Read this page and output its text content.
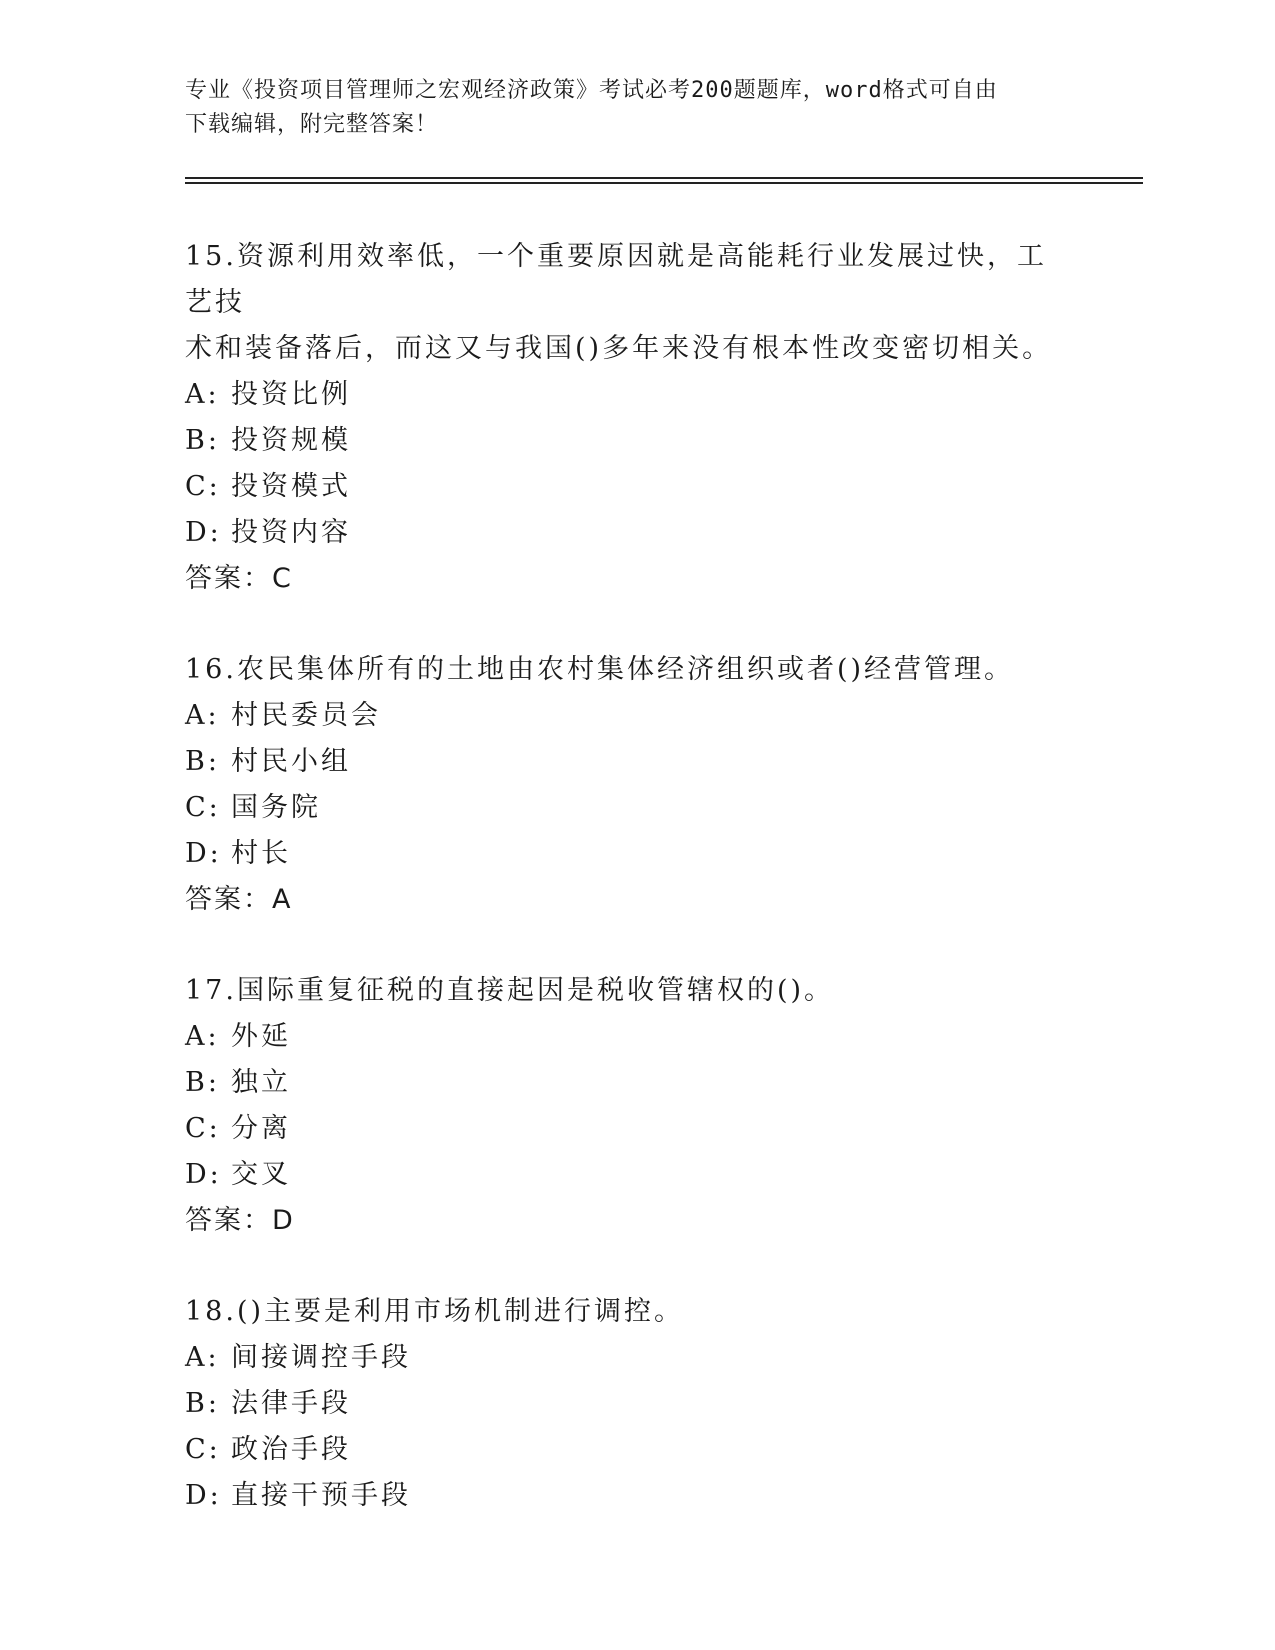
专业《投资项目管理师之宏观经济政策》考试必考200题题库，word格式可自由
下载编辑，附完整答案！
15.资源利用效率低，一个重要原因就是高能耗行业发展过快，工艺技
术和装备落后，而这又与我国()多年来没有根本性改变密切相关。
A: 投资比例
B: 投资规模
C: 投资模式
D: 投资内容
答案：C
16.农民集体所有的土地由农村集体经济组织或者()经营管理。
A: 村民委员会
B: 村民小组
C: 国务院
D: 村长
答案：A
17.国际重复征税的直接起因是税收管辖权的()。
A: 外延
B: 独立
C: 分离
D: 交叉
答案：D
18.()主要是利用市场机制进行调控。
A: 间接调控手段
B: 法律手段
C: 政治手段
D: 直接干预手段
